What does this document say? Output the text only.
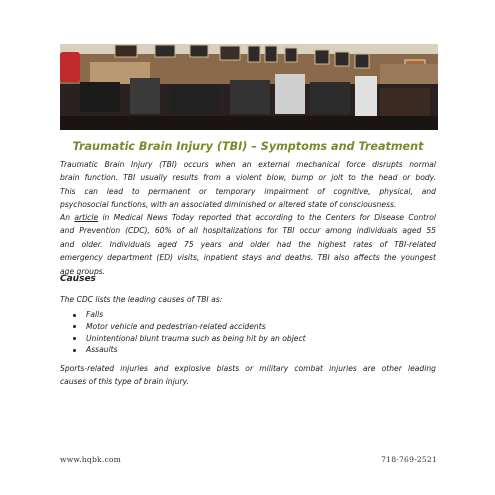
Traumatic Brain Injury (TBI) – Symptoms and Treatment

Traumatic Brain Injury (TBI) occurs when an external mechanical force disrupts normal
brain function. TBI usually results from a violent blow, bump or jolt to the head or body.
This can lead to permanent or temporary impairment of cognitive, physical, and
psychosocial functions, with an associated diminished or altered state of consciousness.

An article in Medical News Today reported that according to the Centers for Disease Control
and Prevention (CDC), 60% of all hospitalizations for TBI occur among individuals aged 55
and older. Individuals aged 75 years and older had the highest rates of TBI-related
emergency department (ED) visits, inpatient stays and deaths. TBI also affects the youngest
age groups.

Causes

The CDC lists the leading causes of TBI as:

Falls
Motor vehicle and pedestrian-related accidents
Unintentional blunt trauma such as being hit by an object
Assaults

Sports-related injuries and explosive blasts or military combat injuries are other leading
causes of this type of brain injury.

www.hqbk.com	718-769-2521
